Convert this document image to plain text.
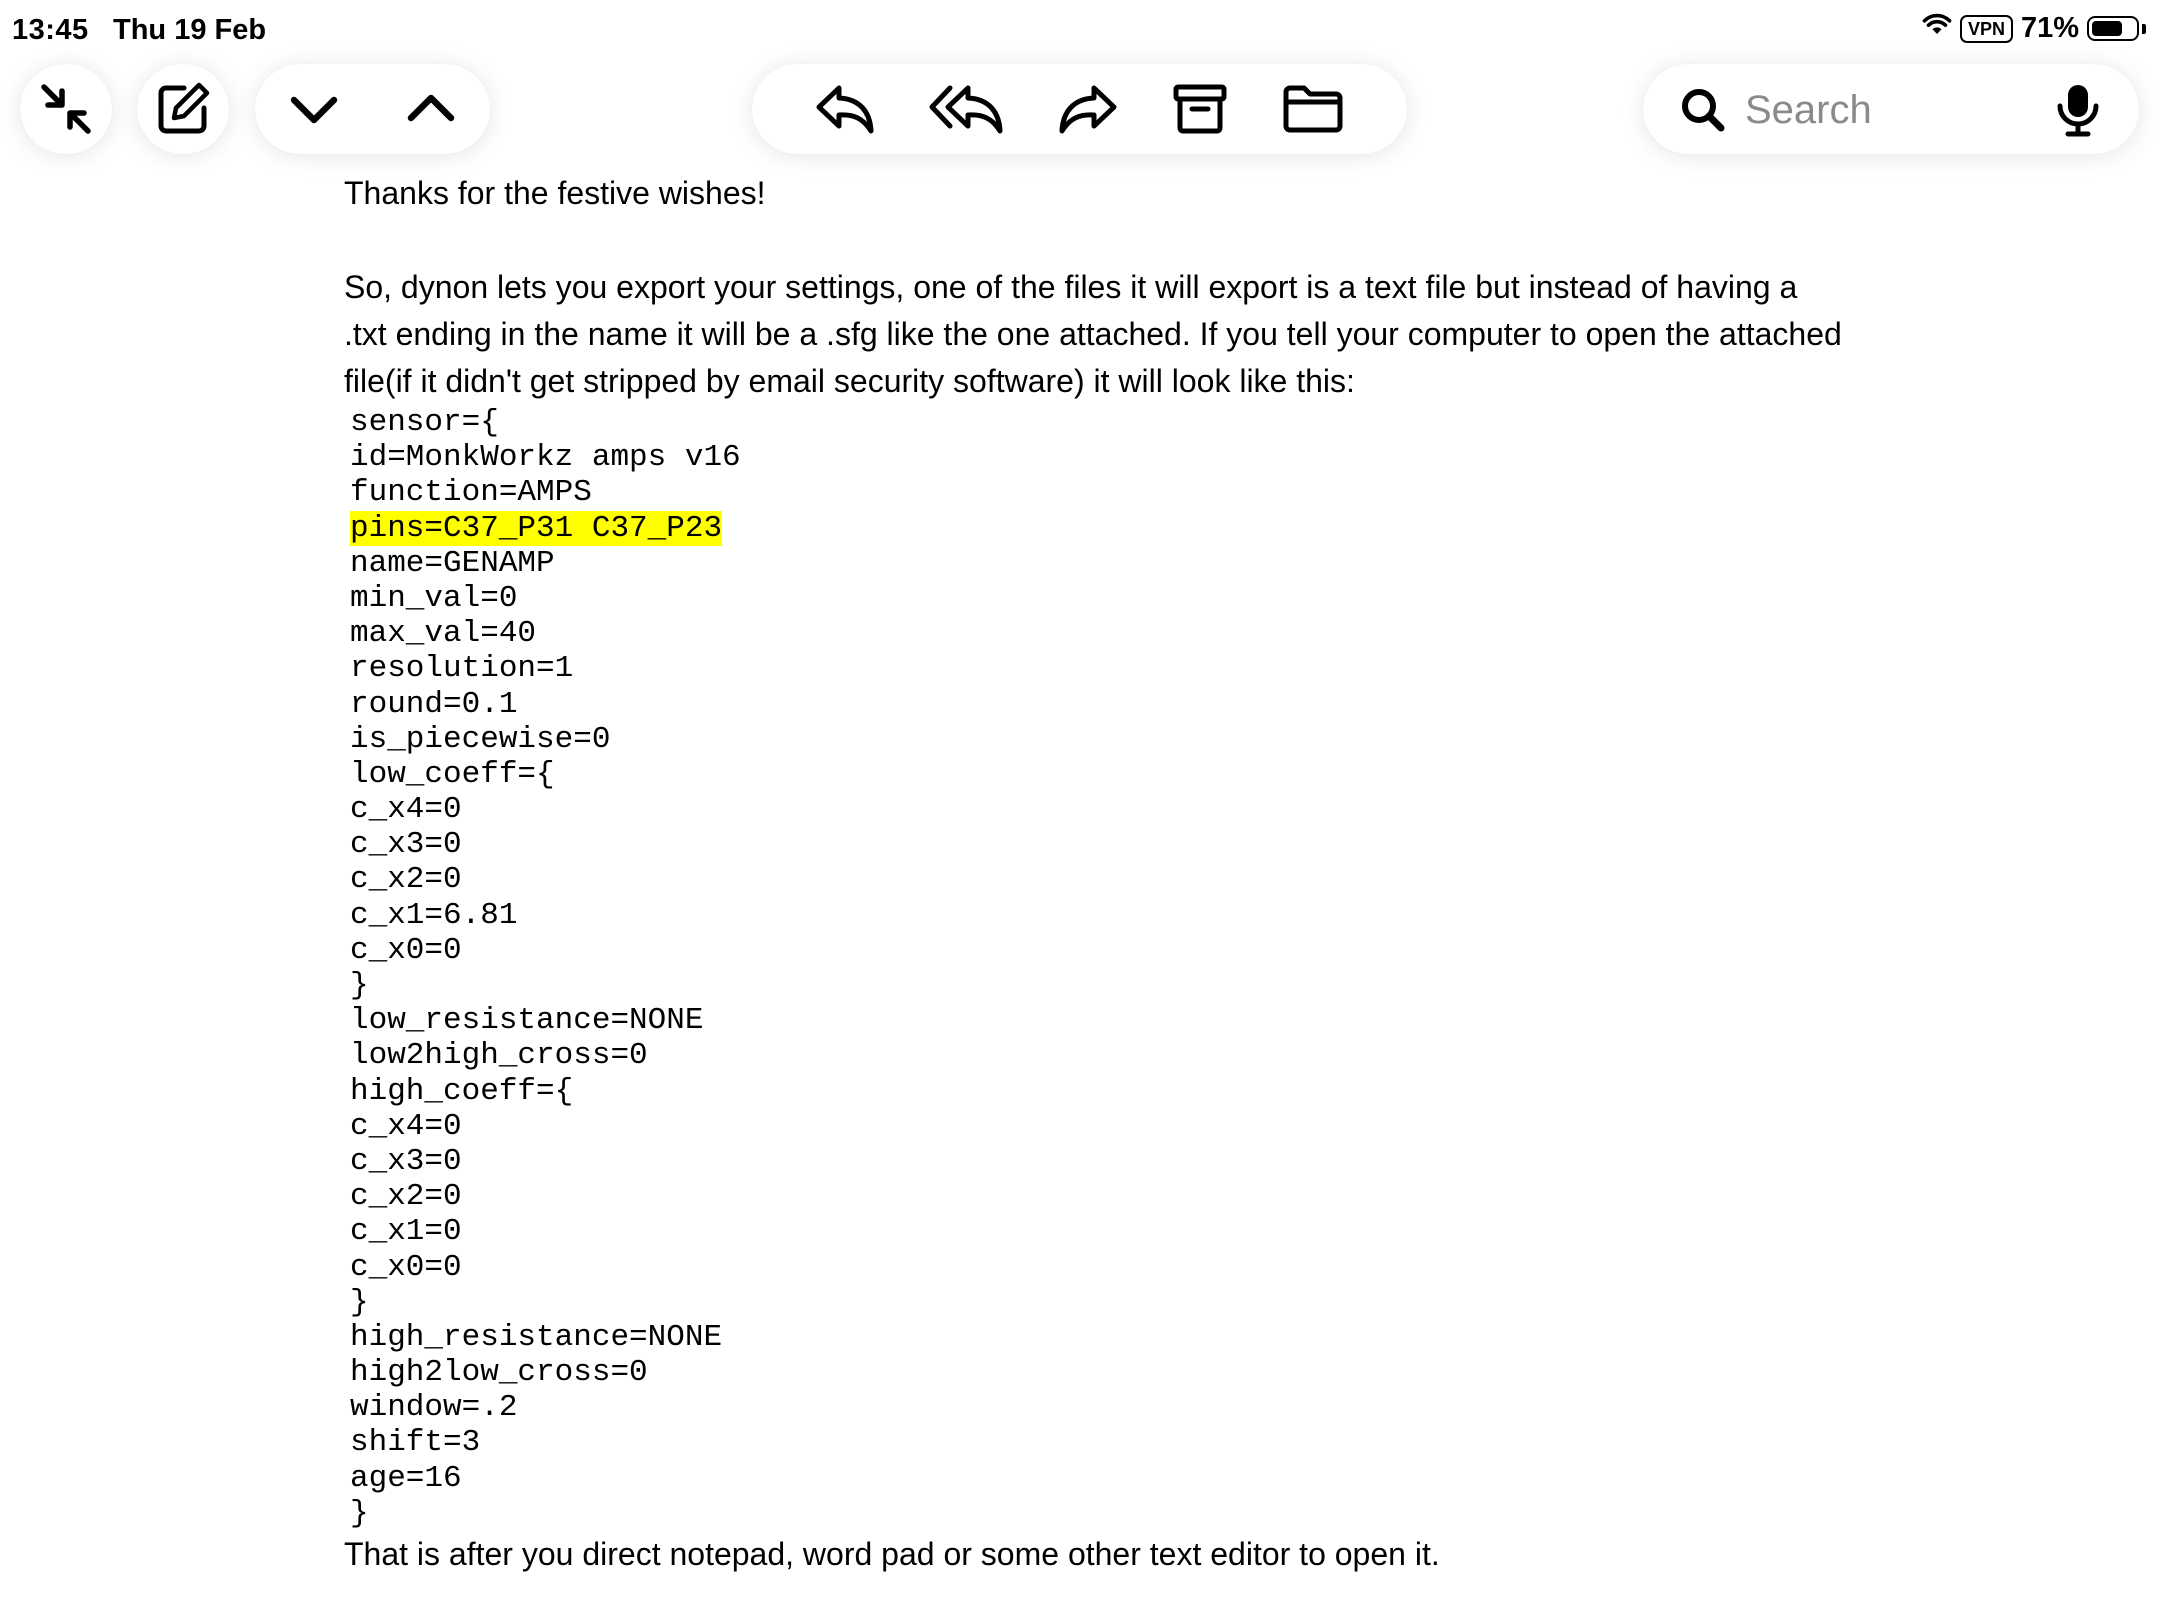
13:45 Thu 19 Feb	VPN 71%
Search

Thanks for the festive wishes!

So, dynon lets you export your settings, one of the files it will export is a text file but instead of having a .txt ending in the name it will be a .sfg like the one attached. If you tell your computer to open the attached file(if it didn't get stripped by email security software) it will look like this:

sensor={
id=MonkWorkz amps v16
function=AMPS
pins=C37_P31 C37_P23
name=GENAMP
min_val=0
max_val=40
resolution=1
round=0.1
is_piecewise=0
low_coeff={
c_x4=0
c_x3=0
c_x2=0
c_x1=6.81
c_x0=0
}
low_resistance=NONE
low2high_cross=0
high_coeff={
c_x4=0
c_x3=0
c_x2=0
c_x1=0
c_x0=0
}
high_resistance=NONE
high2low_cross=0
window=.2
shift=3
age=16
}

That is after you direct notepad, word pad or some other text editor to open it.
